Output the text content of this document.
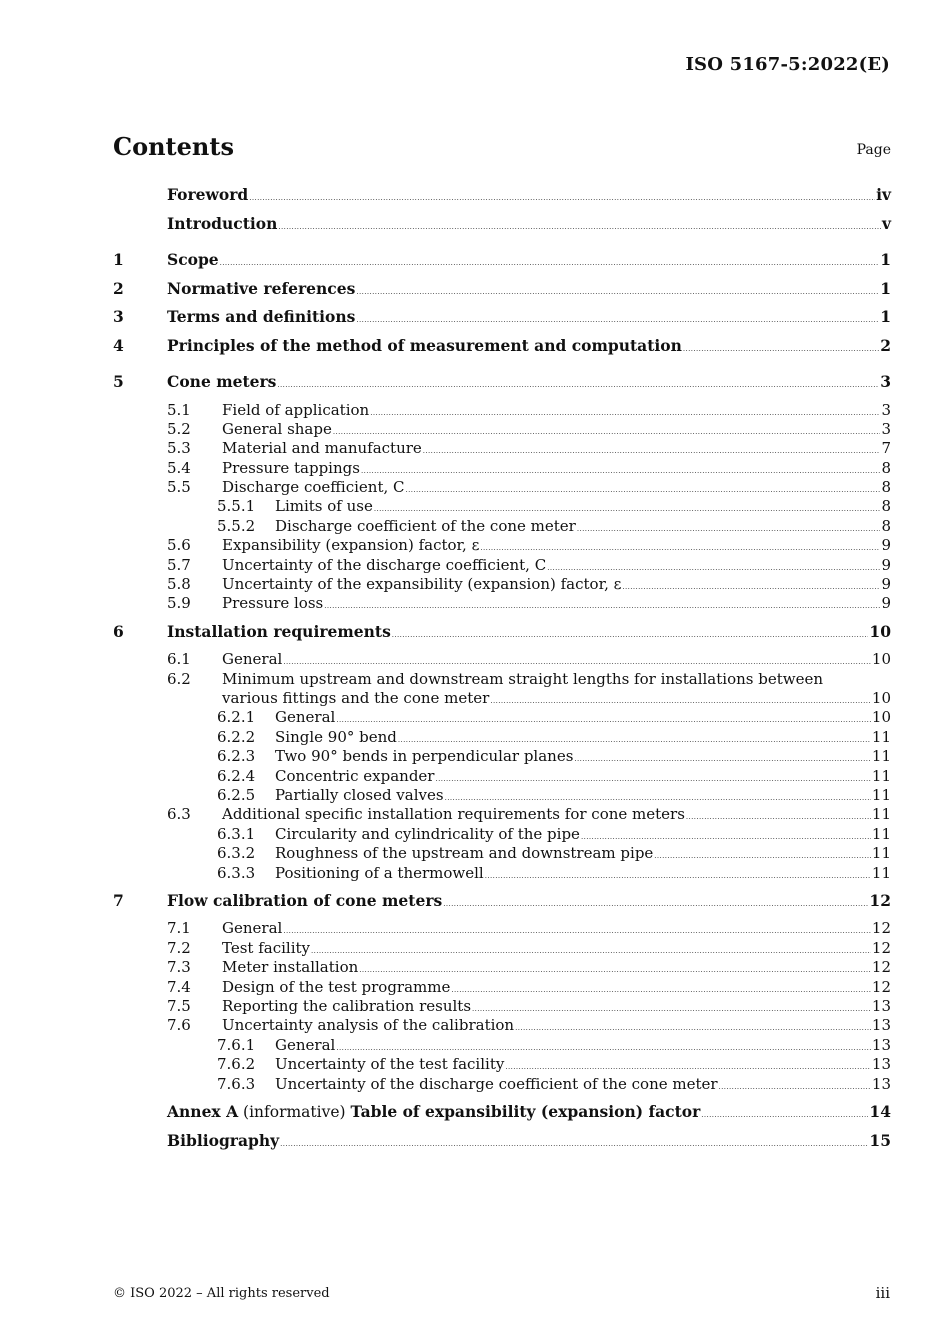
ISO 5167-5:2022(E)
Contents	Page
Foreword .....	iv
Introduction .....	v
1	Scope .....	1
2	Normative references .....	1
3	Terms and definitions .....	1
4	Principles of the method of measurement and computation .....	2
5	Cone meters .....	3
5.1	Field of application .....	3
5.2	General shape .....	3
5.3	Material and manufacture .....	7
5.4	Pressure tappings .....	8
5.5	Discharge coefficient, C .....	8
5.5.1	Limits of use .....	8
5.5.2	Discharge coefficient of the cone meter .....	8
5.6	Expansibility (expansion) factor, ε .....	9
5.7	Uncertainty of the discharge coefficient, C .....	9
5.8	Uncertainty of the expansibility (expansion) factor, ε .....	9
5.9	Pressure loss .....	9
6	Installation requirements .....	10
6.1	General .....	10
6.2	Minimum upstream and downstream straight lengths for installations between
various fittings and the cone meter .....	10
6.2.1	General .....	10
6.2.2	Single 90° bend .....	11
6.2.3	Two 90° bends in perpendicular planes .....	11
6.2.4	Concentric expander .....	11
6.2.5	Partially closed valves .....	11
6.3	Additional specific installation requirements for cone meters .....	11
6.3.1	Circularity and cylindricality of the pipe .....	11
6.3.2	Roughness of the upstream and downstream pipe .....	11
6.3.3	Positioning of a thermowell .....	11
7	Flow calibration of cone meters .....	12
7.1	General .....	12
7.2	Test facility .....	12
7.3	Meter installation .....	12
7.4	Design of the test programme .....	12
7.5	Reporting the calibration results .....	13
7.6	Uncertainty analysis of the calibration .....	13
7.6.1	General .....	13
7.6.2	Uncertainty of the test facility .....	13
7.6.3	Uncertainty of the discharge coefficient of the cone meter .....	13
Annex A (informative) Table of expansibility (expansion) factor .....	14
Bibliography .....	15
© ISO 2022 – All rights reserved	iii
